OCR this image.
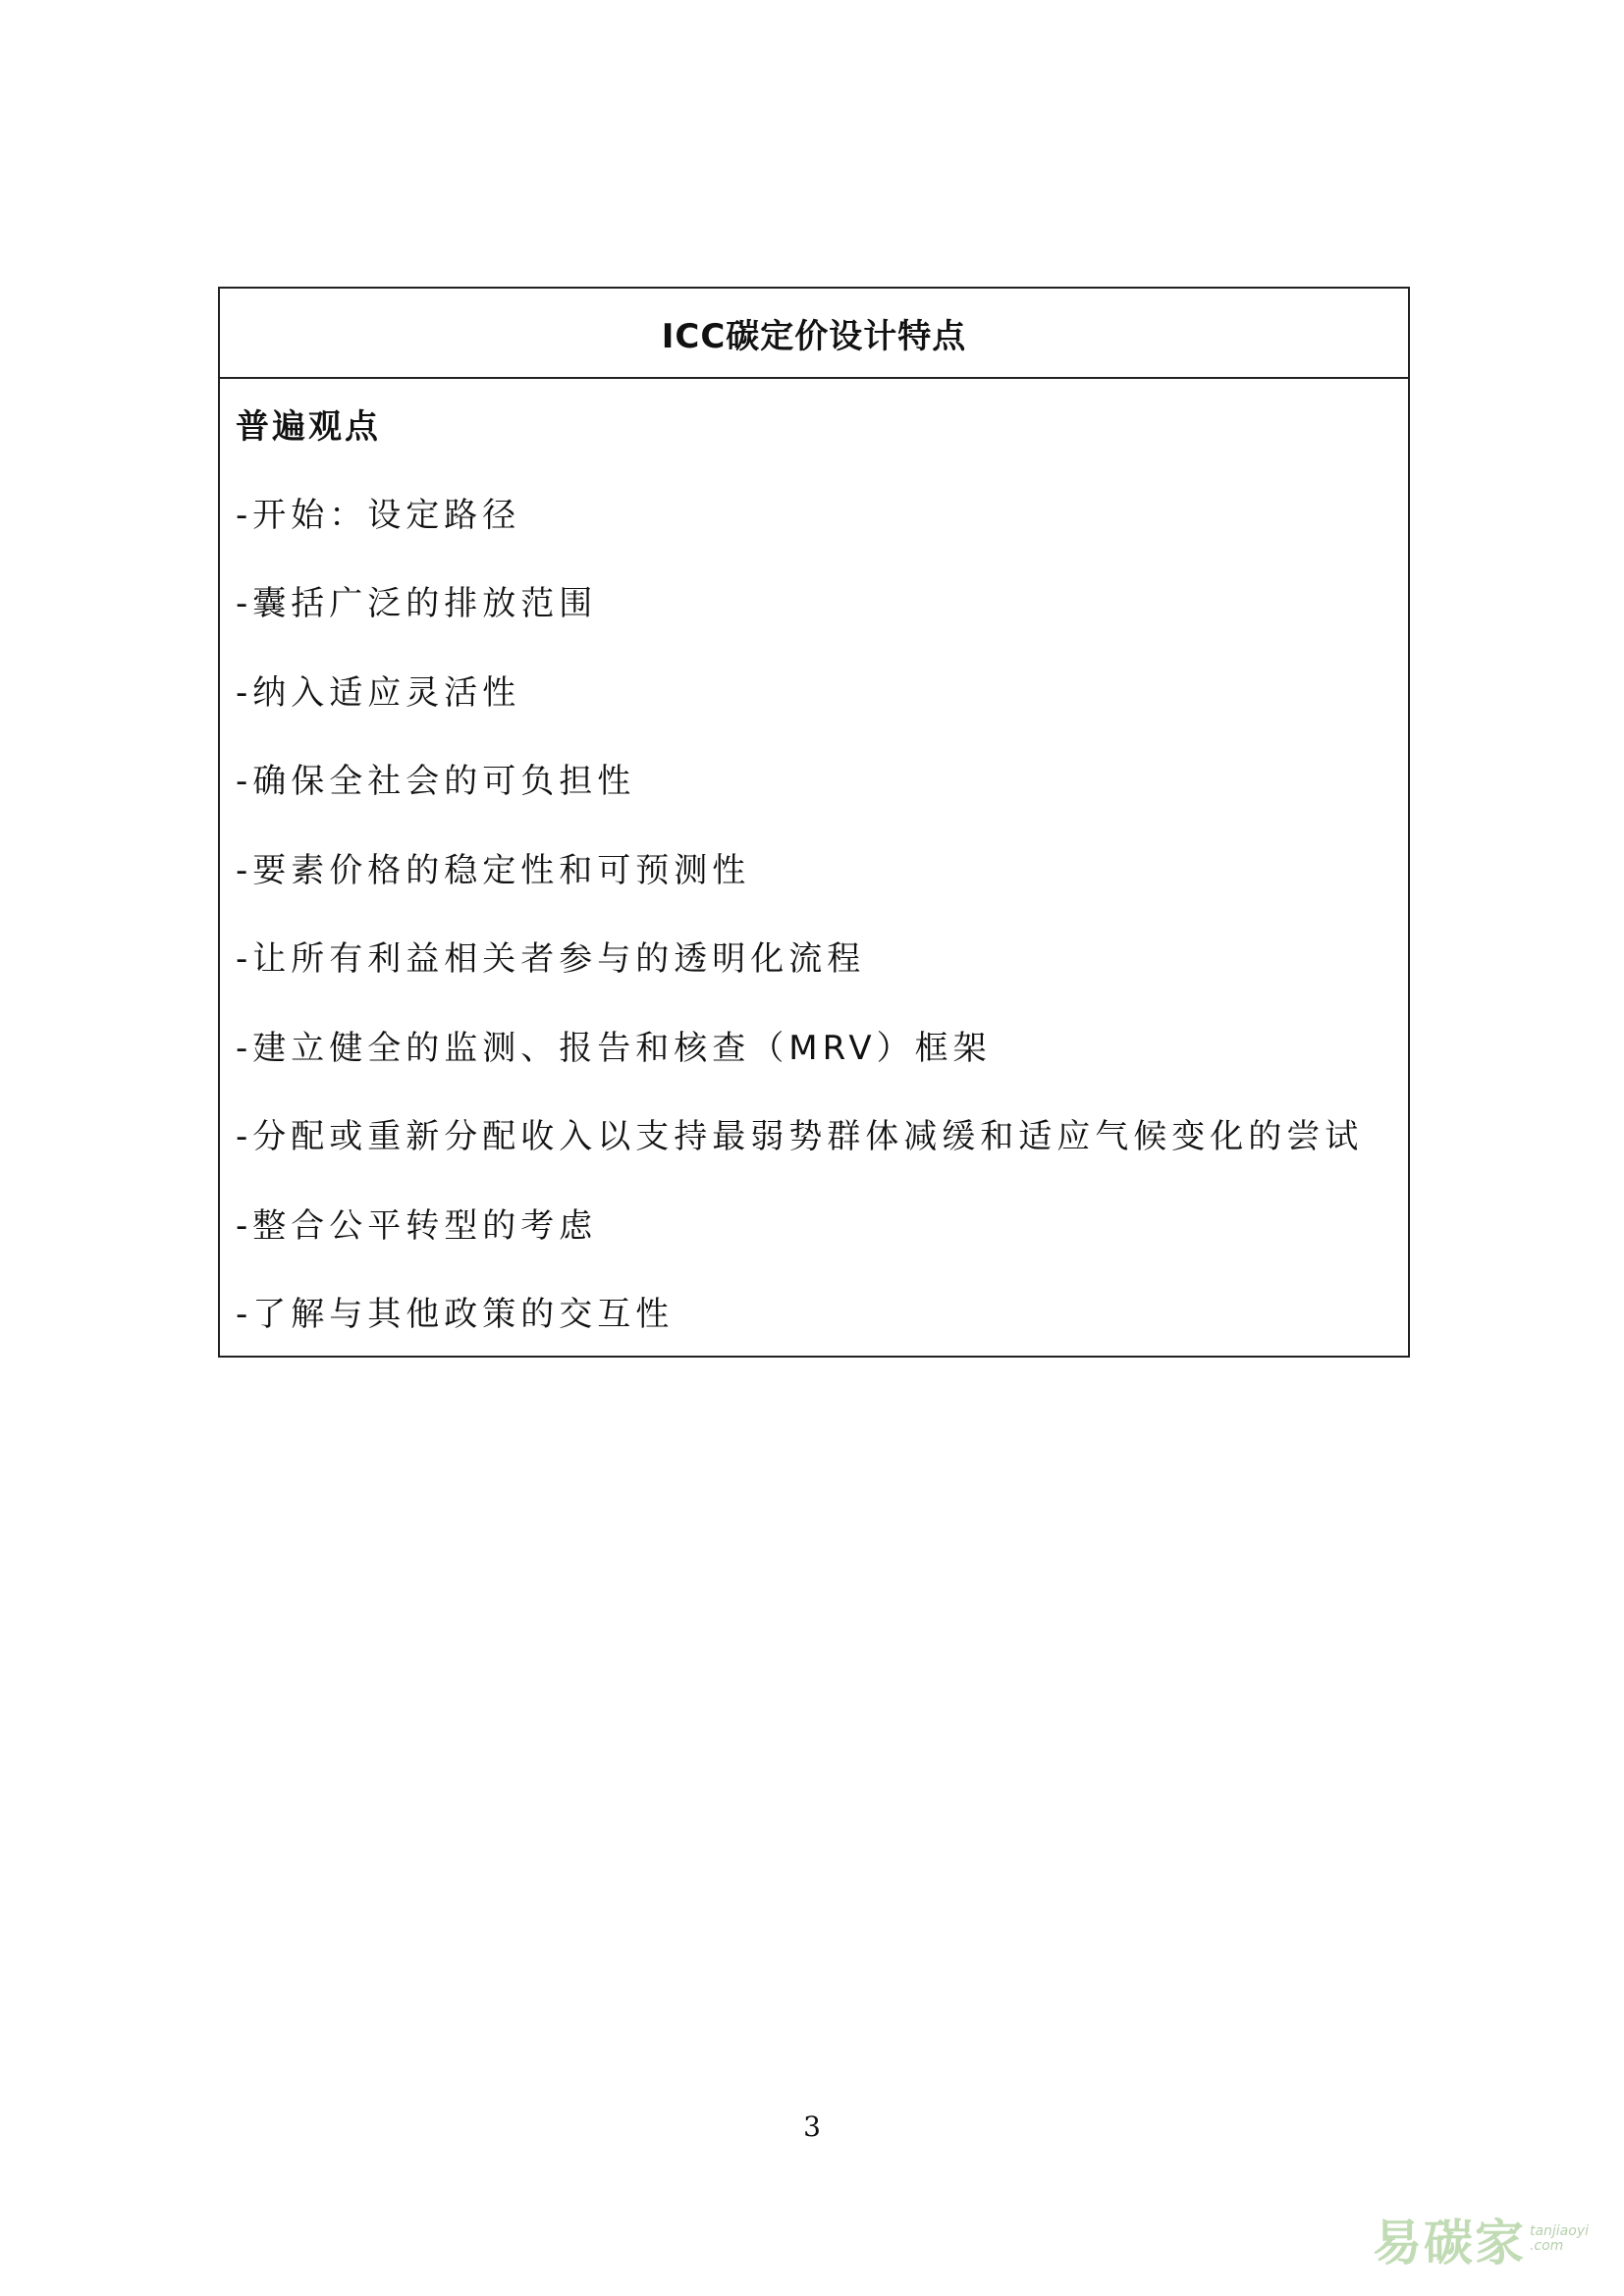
ICC碳定价设计特点
普遍观点
-开始：设定路径
-囊括广泛的排放范围
-纳入适应灵活性
-确保全社会的可负担性
-要素价格的稳定性和可预测性
-让所有利益相关者参与的透明化流程
-建立健全的监测、报告和核查（MRV）框架
-分配或重新分配收入以支持最弱势群体减缓和适应气候变化的尝试
-整合公平转型的考虑
-了解与其他政策的交互性
3
易碳家 tanjiaoyi
.com
